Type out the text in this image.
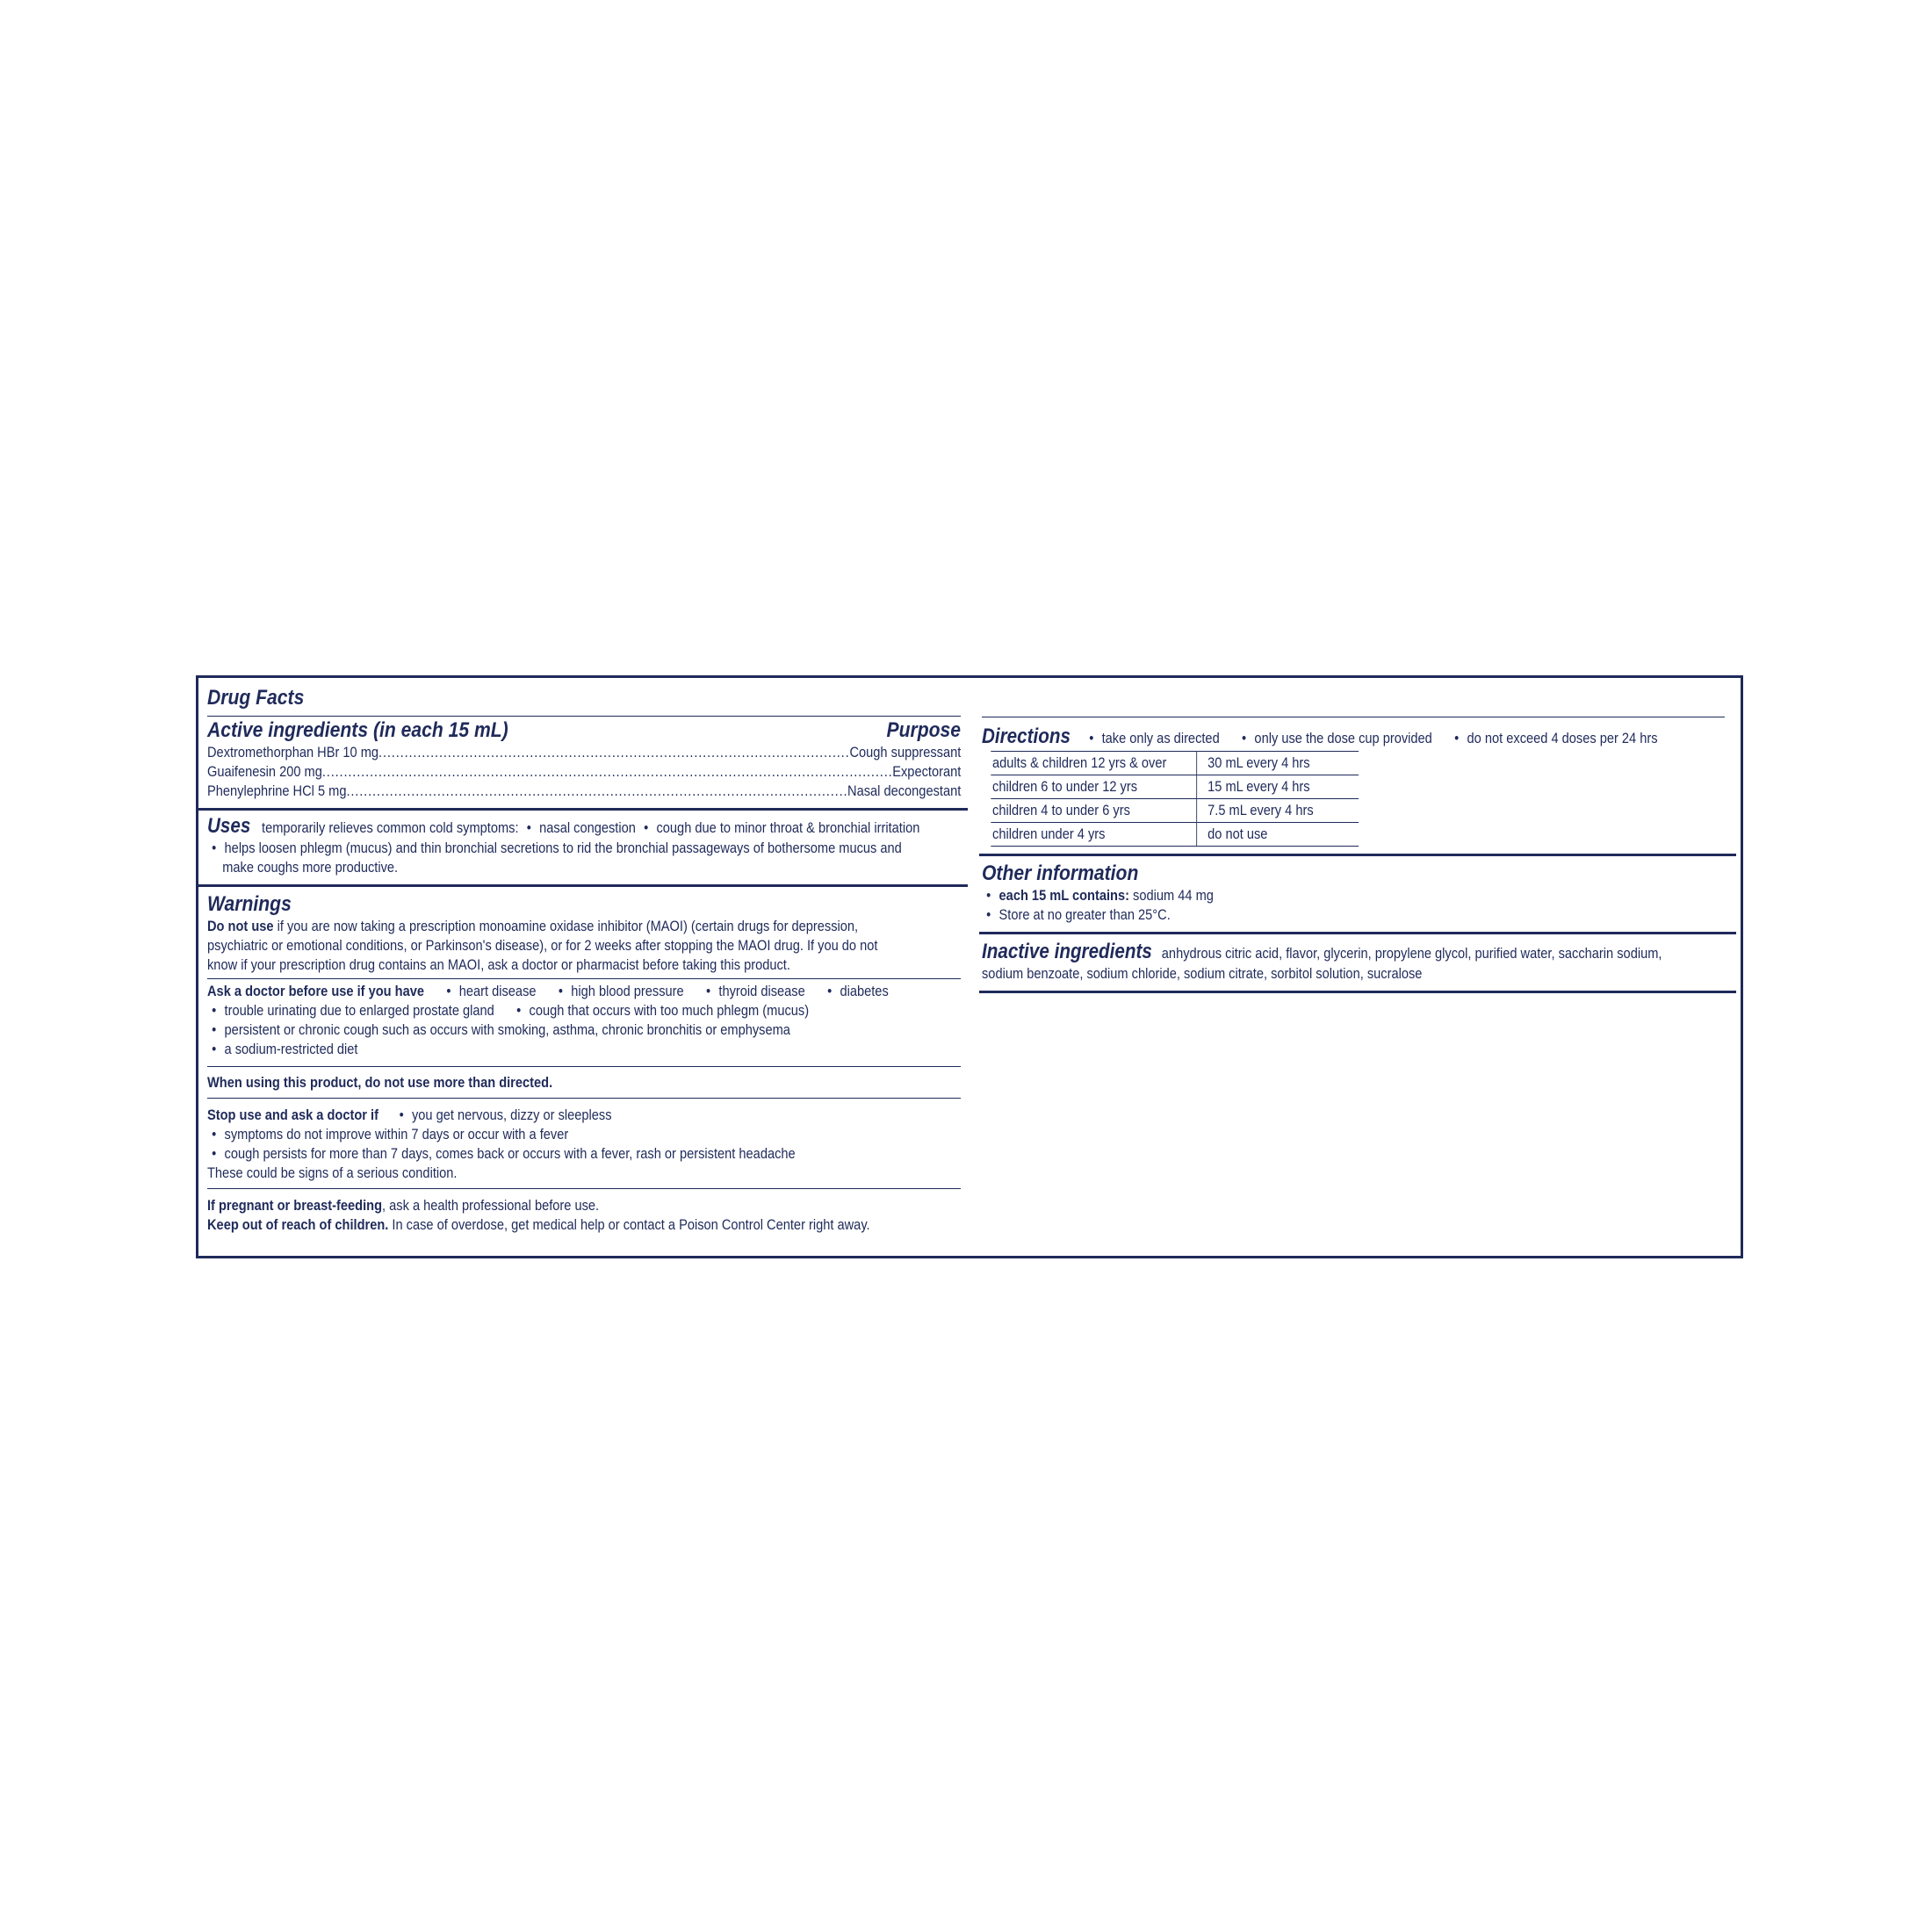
Drug Facts
Active ingredients (in each 15 mL)	Purpose
Dextromethorphan HBr 10 mg .....	Cough suppressant
Guaifenesin 200 mg .....	Expectorant
Phenylephrine HCl 5 mg .....	Nasal decongestant
Uses temporarily relieves common cold symptoms: • nasal congestion • cough due to minor throat & bronchial irritation
• helps loosen phlegm (mucus) and thin bronchial secretions to rid the bronchial passageways of bothersome mucus and
make coughs more productive.
Warnings
Do not use if you are now taking a prescription monoamine oxidase inhibitor (MAOI) (certain drugs for depression,
psychiatric or emotional conditions, or Parkinson's disease), or for 2 weeks after stopping the MAOI drug. If you do not
know if your prescription drug contains an MAOI, ask a doctor or pharmacist before taking this product.
Ask a doctor before use if you have • heart disease • high blood pressure • thyroid disease • diabetes
• trouble urinating due to enlarged prostate gland • cough that occurs with too much phlegm (mucus)
• persistent or chronic cough such as occurs with smoking, asthma, chronic bronchitis or emphysema
• a sodium-restricted diet
When using this product, do not use more than directed.
Stop use and ask a doctor if • you get nervous, dizzy or sleepless
• symptoms do not improve within 7 days or occur with a fever
• cough persists for more than 7 days, comes back or occurs with a fever, rash or persistent headache
These could be signs of a serious condition.
If pregnant or breast-feeding, ask a health professional before use.
Keep out of reach of children. In case of overdose, get medical help or contact a Poison Control Center right away.
Directions • take only as directed • only use the dose cup provided • do not exceed 4 doses per 24 hrs
adults & children 12 yrs & over	30 mL every 4 hrs
children 6 to under 12 yrs	15 mL every 4 hrs
children 4 to under 6 yrs	7.5 mL every 4 hrs
children under 4 yrs	do not use
Other information
• each 15 mL contains: sodium 44 mg
• Store at no greater than 25°C.
Inactive ingredients anhydrous citric acid, flavor, glycerin, propylene glycol, purified water, saccharin sodium,
sodium benzoate, sodium chloride, sodium citrate, sorbitol solution, sucralose
